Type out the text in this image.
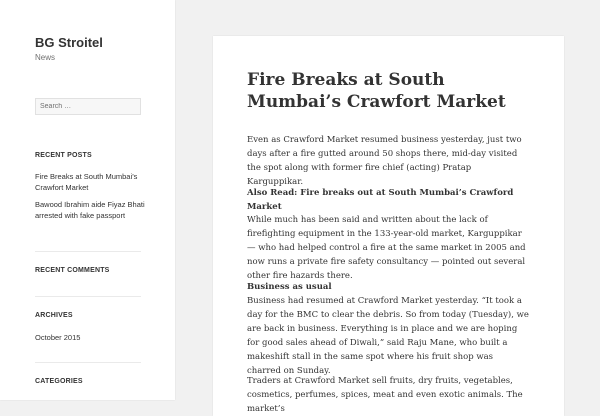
BG Stroitel
News
Search …
RECENT POSTS
Fire Breaks at South Mumbai’s Crawfort Market
Bawood Ibrahim aide Fiyaz Bhati arrested with fake passport
RECENT COMMENTS
ARCHIVES
October 2015
CATEGORIES
Fire Breaks at South Mumbai’s Crawfort Market

Even as Crawford Market resumed business yesterday, just two days after a fire gutted around 50 shops there, mid-day visited the spot along with former fire chief (acting) Pratap Karguppikar.

Also Read: Fire breaks out at South Mumbai’s Crawford Market

While much has been said and written about the lack of firefighting equipment in the 133-year-old market, Karguppikar — who had helped control a fire at the same market in 2005 and now runs a private fire safety consultancy — pointed out several other fire hazards there.

Business as usual

Business had resumed at Crawford Market yesterday. “It took a day for the BMC to clear the debris. So from today (Tuesday), we are back in business. Everything is in place and we are hoping for good sales ahead of Diwali,” said Raju Mane, who built a makeshift stall in the same spot where his fruit shop was charred on Sunday.

Traders at Crawford Market sell fruits, dry fruits, vegetables, cosmetics, perfumes, spices, meat and even exotic animals. The market’s
